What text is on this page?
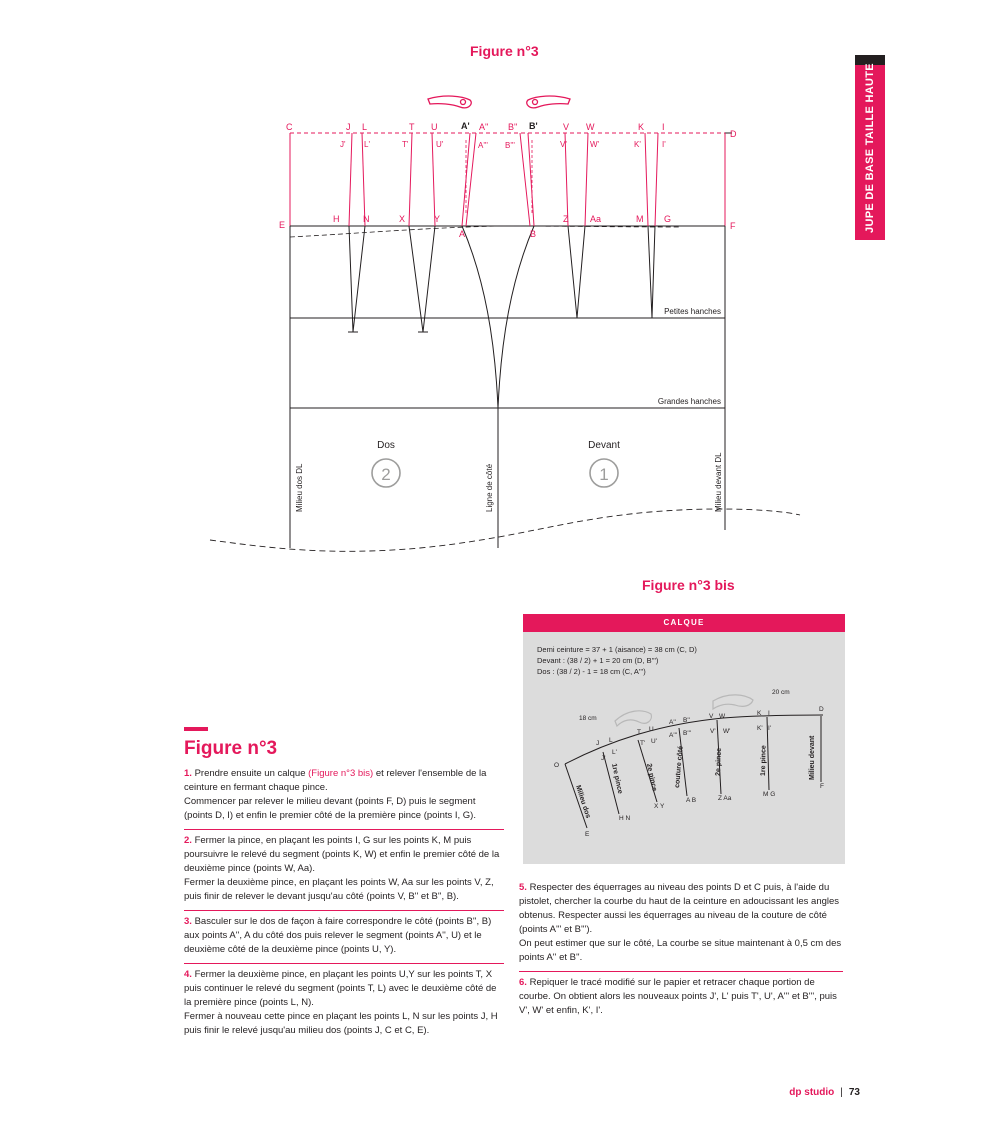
Figure n°3
JUPE DE BASE TAILLE HAUTE
C	J L	T U	A' A'' B'' B'	V W	K I
D
J' L'	T'	U'	A''' B'''	V'	W'	K'	I'
E
H	N	X	Y
A	B
Z Aa	M G
F
Petites hanches
Grandes hanches
Dos
2
Devant
1
Milieu dos DL	Ligne de côté	Milieu devant DL
Figure n°3 bis
Demi ceinture = 37 + 1 (aisance) = 38 cm (C, D)
Devant : (38 / 2) + 1 = 20 cm (D, B''')
Dos : (38 / 2) - 1 = 18 cm (C, A''')
20 cm
18 cm
O
E
J L
J'
L'
T U
T' U'
A'' B''
A''' B'''
V W
V' W'
K I
K' I'
D
F
H N
X Y
A B	Z Aa
M G
Milieu dos
1re pince	2e pince couture côté	2e pince	1re pince	Milieu devant
CALQUE
Figure n°3

1. Prendre ensuite un calque (Figure n°3 bis) et relever l'ensemble de la ceinture en fermant chaque pince.

Commencer par relever le milieu devant (points F, D) puis le segment (points D, I) et enfin le premier côté de la première pince (points I, G).

2. Fermer la pince, en plaçant les points I, G sur les points K, M puis poursuivre le relevé du segment (points K, W) et enfin le premier côté de la deuxième pince (points W, Aa).

Fermer la deuxième pince, en plaçant les points W, Aa sur les points V, Z, puis finir de relever le devant jusqu'au côté (points V, B'' et B'', B).

3. Basculer sur le dos de façon à faire correspondre le côté (points B'', B) aux points A'', A du côté dos puis relever le segment (points A'', U) et le deuxième côté de la deuxième pince (points U, Y).

4. Fermer la deuxième pince, en plaçant les points U,Y sur les points T, X puis continuer le relevé du segment (points T, L) avec le deuxième côté de la première pince (points L, N).

Fermer à nouveau cette pince en plaçant les points L, N sur les points J, H puis finir le relevé jusqu'au milieu dos (points J, C et C, E).

5. Respecter des équerrages au niveau des points D et C puis, à l'aide du pistolet, chercher la courbe du haut de la ceinture en adoucissant les angles obtenus. Respecter aussi les équerrages au niveau de la couture de côté (points A''' et B''').

On peut estimer que sur le côté, La courbe se situe maintenant à 0,5 cm des points A'' et B''.

6. Repiquer le tracé modifié sur le papier et retracer chaque portion de courbe. On obtient alors les nouveaux points J', L' puis T', U', A''' et B''', puis V', W' et enfin, K', I'.

dp studio | 73
